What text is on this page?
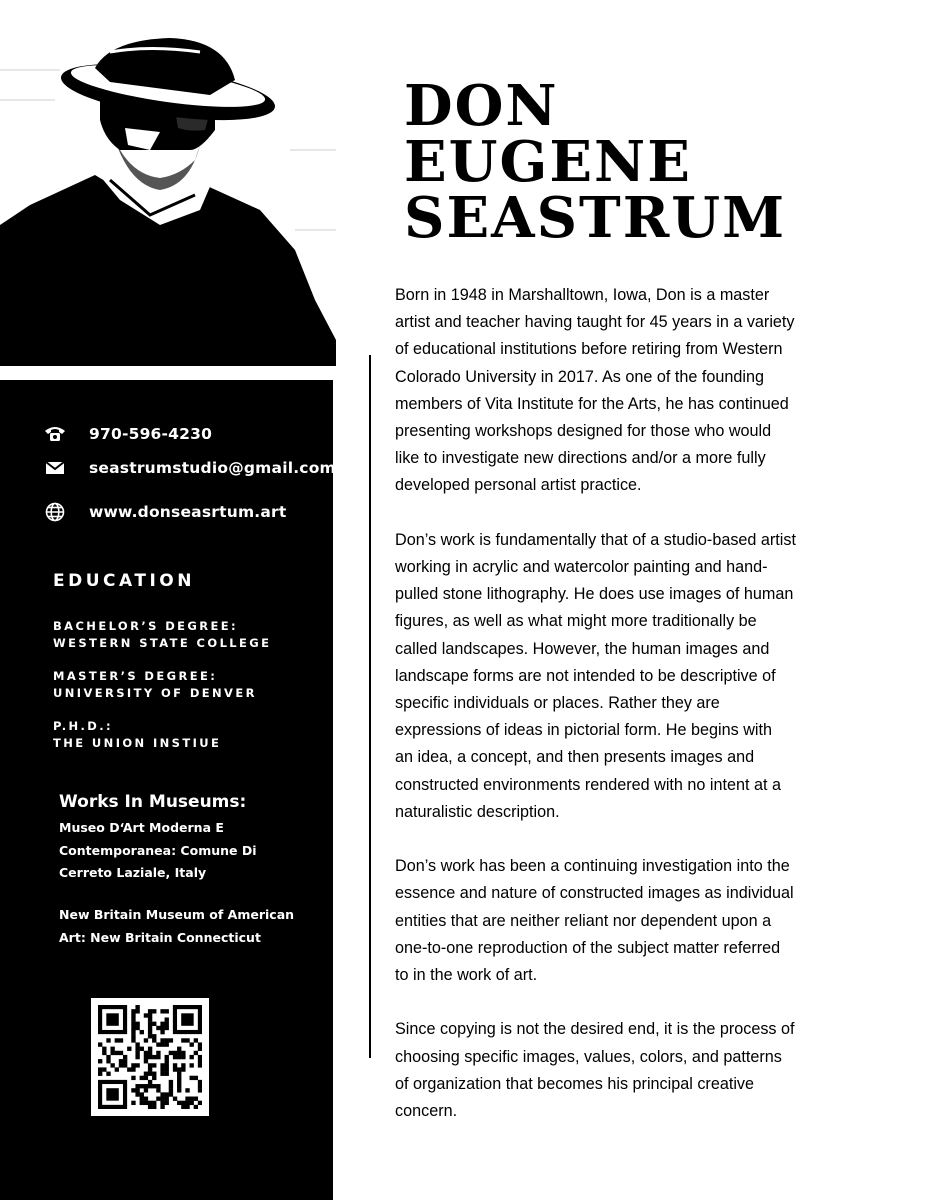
970-596-4230
seastrumstudio@gmail.com
www.donseasrtum.art
EDUCATION
BACHELOR’S DEGREE:
WESTERN STATE COLLEGE
MASTER’S DEGREE:
UNIVERSITY OF DENVER
P.H.D.:
THE UNION INSTIUE
Works In Museums:
Museo D‘Art Moderna E Contemporanea: Comune Di Cerreto Laziale, Italy
New Britain Museum of American Art: New Britain Connecticut
DON
EUGENE
SEASTRUM

Born in 1948 in Marshalltown, Iowa, Don is a master
artist and teacher having taught for 45 years in a variety
of educational institutions before retiring from Western
Colorado University in 2017. As one of the founding
members of Vita Institute for the Arts, he has continued
presenting workshops designed for those who would
like to investigate new directions and/or a more fully
developed personal artist practice.

Don’s work is fundamentally that of a studio-based artist
working in acrylic and watercolor painting and hand-
pulled stone lithography. He does use images of human
figures, as well as what might more traditionally be
called landscapes. However, the human images and
landscape forms are not intended to be descriptive of
specific individuals or places. Rather they are
expressions of ideas in pictorial form. He begins with
an idea, a concept, and then presents images and
constructed environments rendered with no intent at a
naturalistic description.

Don’s work has been a continuing investigation into the
essence and nature of constructed images as individual
entities that are neither reliant nor dependent upon a
one-to-one reproduction of the subject matter referred
to in the work of art.

Since copying is not the desired end, it is the process of
choosing specific images, values, colors, and patterns
of organization that becomes his principal creative
concern.
